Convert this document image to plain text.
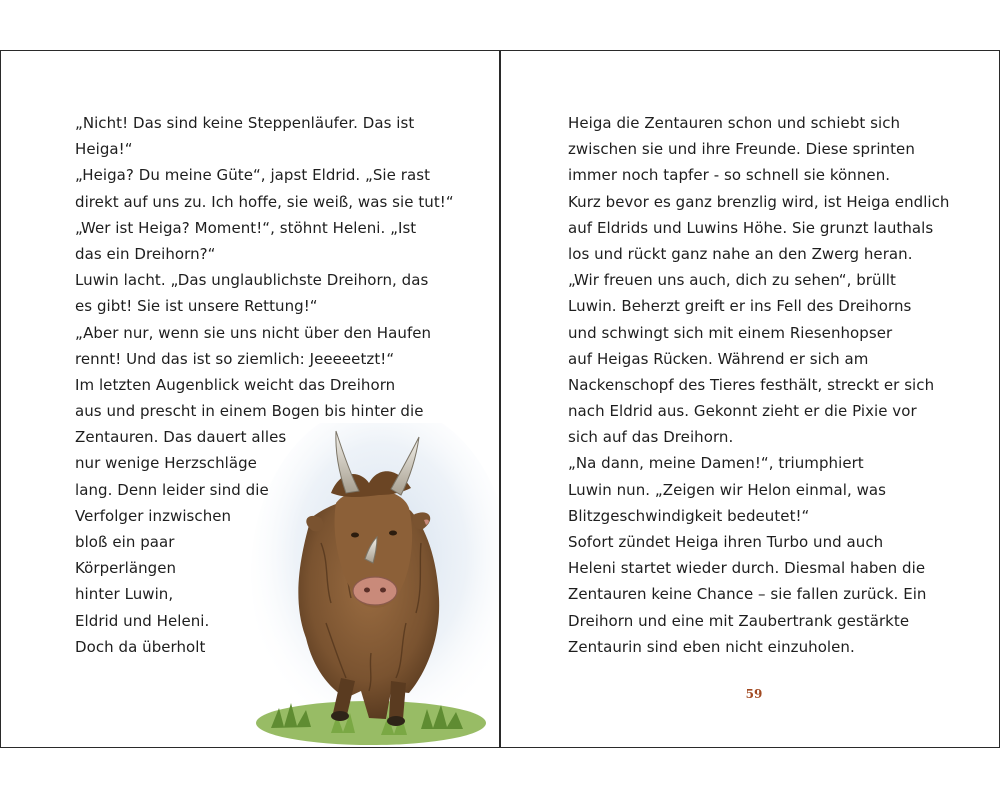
„Nicht! Das sind keine Steppenläufer. Das ist
Heiga!“
„Heiga? Du meine Güte“, japst Eldrid. „Sie rast
direkt auf uns zu. Ich hoffe, sie weiß, was sie tut!“
„Wer ist Heiga? Moment!“, stöhnt Heleni. „Ist
das ein Dreihorn?“
Luwin lacht. „Das unglaublichste Dreihorn, das
es gibt! Sie ist unsere Rettung!“
„Aber nur, wenn sie uns nicht über den Haufen
rennt! Und das ist so ziemlich: Jeeeeetzt!“
Im letzten Augenblick weicht das Dreihorn
aus und prescht in einem Bogen bis hinter die
Zentauren. Das dauert alles
nur wenige Herzschläge
lang. Denn leider sind die
Verfolger inzwischen
bloß ein paar
Körperlängen
hinter Luwin,
Eldrid und Heleni.
Doch da überholt
Heiga die Zentauren schon und schiebt sich
zwischen sie und ihre Freunde. Diese sprinten
immer noch tapfer - so schnell sie können.
Kurz bevor es ganz brenzlig wird, ist Heiga endlich
auf Eldrids und Luwins Höhe. Sie grunzt lauthals
los und rückt ganz nahe an den Zwerg heran.
„Wir freuen uns auch, dich zu sehen“, brüllt
Luwin. Beherzt greift er ins Fell des Dreihorns
und schwingt sich mit einem Riesenhopser
auf Heigas Rücken. Während er sich am
Nackenschopf des Tieres festhält, streckt er sich
nach Eldrid aus. Gekonnt zieht er die Pixie vor
sich auf das Dreihorn.
„Na dann, meine Damen!“, triumphiert
Luwin nun. „Zeigen wir Helon einmal, was
Blitzgeschwindigkeit bedeutet!“
Sofort zündet Heiga ihren Turbo und auch
Heleni startet wieder durch. Diesmal haben die
Zentauren keine Chance – sie fallen zurück. Ein
Dreihorn und eine mit Zaubertrank gestärkte
Zentaurin sind eben nicht einzuholen.
59
